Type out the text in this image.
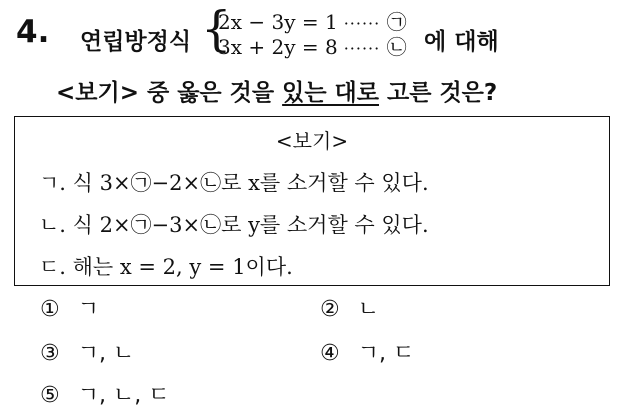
4. 연립방정식 {
2x − 3y = 1 ······ ㉠
3x + 2y = 8 ······ ㉡ 에 대해
<보기> 중 옳은 것을 있는 대로 고른 것은?
<보기>
ㄱ. 식 3×㉠−2×㉡로 x를 소거할 수 있다.
ㄴ. 식 2×㉠−3×㉡로 y를 소거할 수 있다.
ㄷ. 해는 x = 2, y = 1이다.
① ㄱ	② ㄴ
③ ㄱ, ㄴ	④ ㄱ, ㄷ
⑤ ㄱ, ㄴ, ㄷ
